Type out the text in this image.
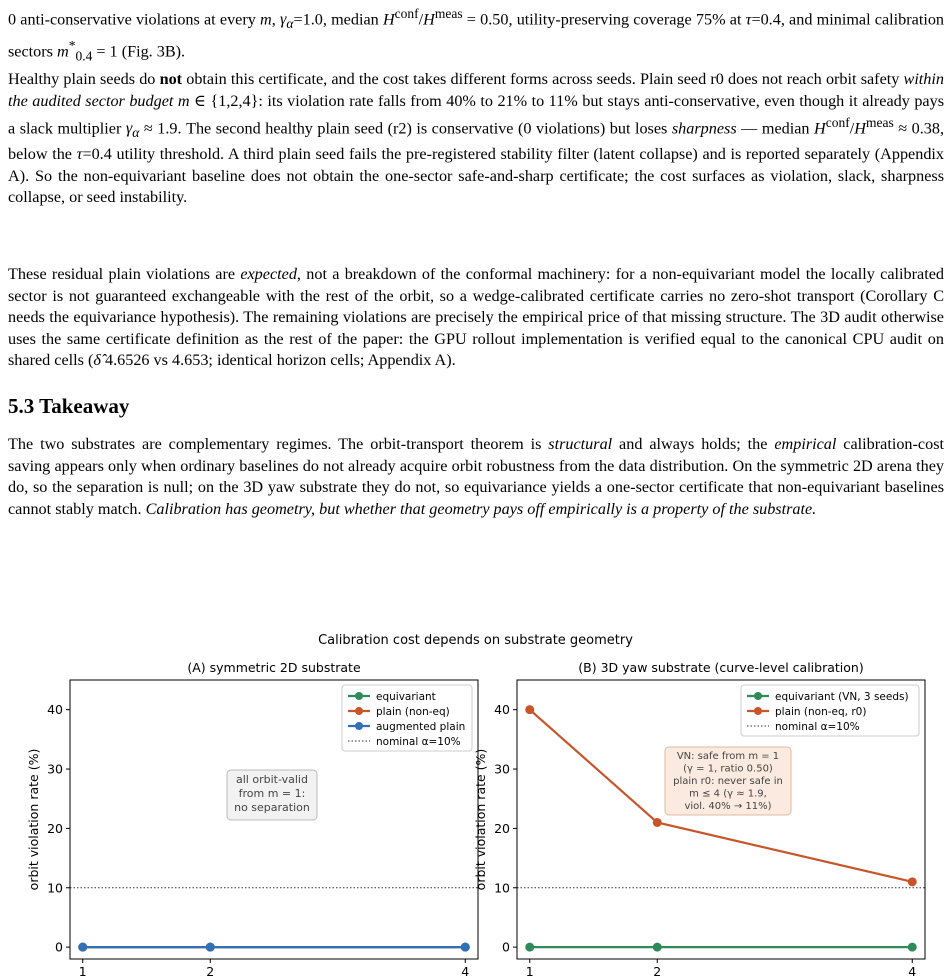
0 anti-conservative violations at every m, $\gamma_\alpha=1.0$, median $H^{conf}/H^{meas} = 0.50$, utility-preserving coverage 75% at τ=0.4, and minimal calibration sectors $m^*_{0.4} = 1$ (Fig. 3B).

Healthy plain seeds do not obtain this certificate, and the cost takes different forms across seeds. Plain seed r0 does not reach orbit safety within the audited sector budget m ∈ {1,2,4}: its violation rate falls from 40% to 21% to 11% but stays anti-conservative, even though it already pays a slack multiplier $\gamma_\alpha \approx 1.9$. The second healthy plain seed (r2) is conservative (0 violations) but loses sharpness — median $H^{conf}/H^{meas} \approx 0.38$, below the τ=0.4 utility threshold. A third plain seed fails the pre-registered stability filter (latent collapse) and is reported separately (Appendix A). So the non-equivariant baseline does not obtain the one-sector safe-and-sharp certificate; the cost surfaces as violation, slack, sharpness collapse, or seed instability.

These residual plain violations are expected, not a breakdown of the conformal machinery: for a non-equivariant model the locally calibrated sector is not guaranteed exchangeable with the rest of the orbit, so a wedge-calibrated certificate carries no zero-shot transport (Corollary C needs the equivariance hypothesis). The remaining violations are precisely the empirical price of that missing structure. The 3D audit otherwise uses the same certificate definition as the rest of the paper: the GPU rollout implementation is verified equal to the canonical CPU audit on shared cells (δ̂ 4.6526 vs 4.653; identical horizon cells; Appendix A).

5.3 Takeaway

The two substrates are complementary regimes. The orbit-transport theorem is structural and always holds; the empirical calibration-cost saving appears only when ordinary baselines do not already acquire orbit robustness from the data distribution. On the symmetric 2D arena they do, so the separation is null; on the 3D yaw substrate they do not, so equivariance yields a one-sector certificate that non-equivariant baselines cannot stably match. Calibration has geometry, but whether that geometry pays off empirically is a property of the substrate.

Calibration cost depends on substrate geometry
(A) symmetric 2D substrate
0
10
20
30
40
1	2	4
orbit violation rate (%)
equivariant
plain (non-eq)
augmented plain
nominal α=10%
all orbit-valid
from m = 1:
no separation
(B) 3D yaw substrate (curve-level calibration)
0
10
20
30
40
1	2	4
orbit violation rate (%)
equivariant (VN, 3 seeds)
plain (non-eq, r0)
nominal α=10%
VN: safe from m = 1
(γ = 1, ratio 0.50)
plain r0: never safe in
m ≤ 4 (γ ≈ 1.9,
viol. 40% → 11%)
